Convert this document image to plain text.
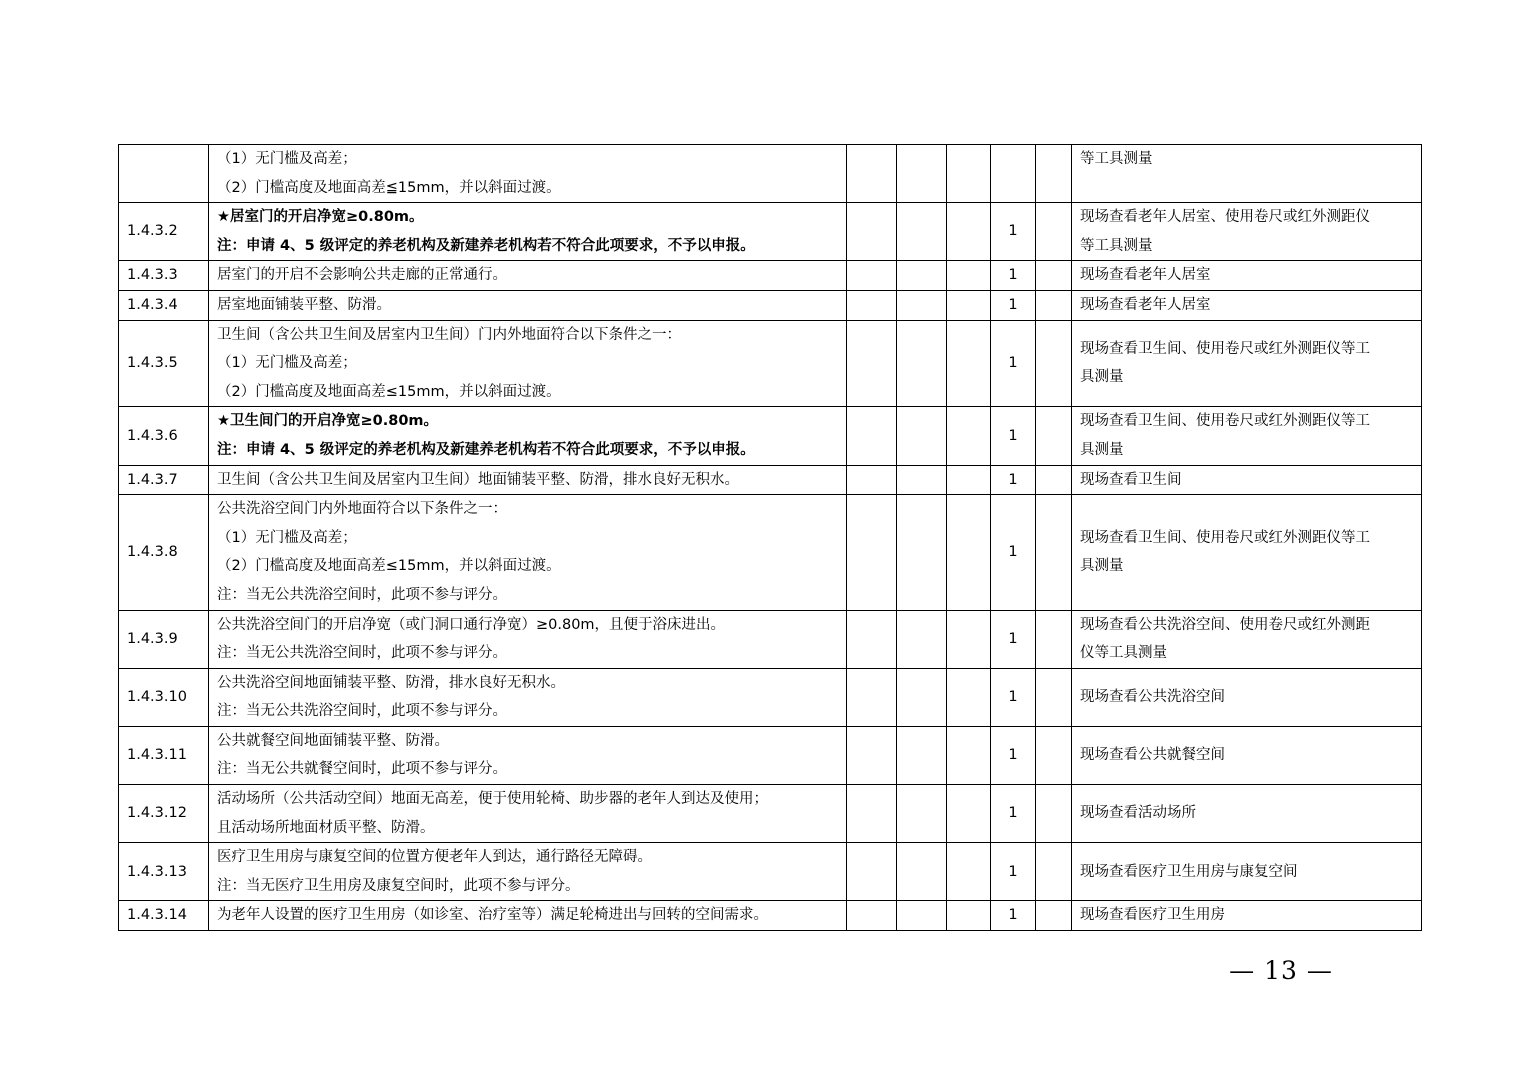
	（1）无门槛及高差；
（2）门槛高度及地面高差≦15mm，并以斜面过渡。						等工具测量

1.4.3.2	★居室门的开启净宽≥0.80m。
注：申请 4、5 级评定的养老机构及新建养老机构若不符合此项要求，不予以申报。				1		现场查看老年人居室、使用卷尺或红外测距仪
等工具测量

1.4.3.3	居室门的开启不会影响公共走廊的正常通行。				1		现场查看老年人居室

1.4.3.4	居室地面铺装平整、防滑。				1		现场查看老年人居室

1.4.3.5	卫生间（含公共卫生间及居室内卫生间）门内外地面符合以下条件之一：
（1）无门槛及高差；
（2）门槛高度及地面高差≤15mm，并以斜面过渡。				1		现场查看卫生间、使用卷尺或红外测距仪等工
具测量

1.4.3.6	★卫生间门的开启净宽≥0.80m。
注：申请 4、5 级评定的养老机构及新建养老机构若不符合此项要求，不予以申报。				1		现场查看卫生间、使用卷尺或红外测距仪等工
具测量

1.4.3.7	卫生间（含公共卫生间及居室内卫生间）地面铺装平整、防滑，排水良好无积水。				1		现场查看卫生间

1.4.3.8	公共洗浴空间门内外地面符合以下条件之一：
（1）无门槛及高差；
（2）门槛高度及地面高差≤15mm，并以斜面过渡。
注：当无公共洗浴空间时，此项不参与评分。				1		现场查看卫生间、使用卷尺或红外测距仪等工
具测量

1.4.3.9	公共洗浴空间门的开启净宽（或门洞口通行净宽）≥0.80m，且便于浴床进出。
注：当无公共洗浴空间时，此项不参与评分。				1		现场查看公共洗浴空间、使用卷尺或红外测距
仪等工具测量

1.4.3.10	公共洗浴空间地面铺装平整、防滑，排水良好无积水。
注：当无公共洗浴空间时，此项不参与评分。				1		现场查看公共洗浴空间

1.4.3.11	公共就餐空间地面铺装平整、防滑。
注：当无公共就餐空间时，此项不参与评分。				1		现场查看公共就餐空间

1.4.3.12	活动场所（公共活动空间）地面无高差，便于使用轮椅、助步器的老年人到达及使用；
且活动场所地面材质平整、防滑。				1		现场查看活动场所

1.4.3.13	医疗卫生用房与康复空间的位置方便老年人到达，通行路径无障碍。
注：当无医疗卫生用房及康复空间时，此项不参与评分。				1		现场查看医疗卫生用房与康复空间

1.4.3.14	为老年人设置的医疗卫生用房（如诊室、治疗室等）满足轮椅进出与回转的空间需求。				1		现场查看医疗卫生用房
— 13 —
